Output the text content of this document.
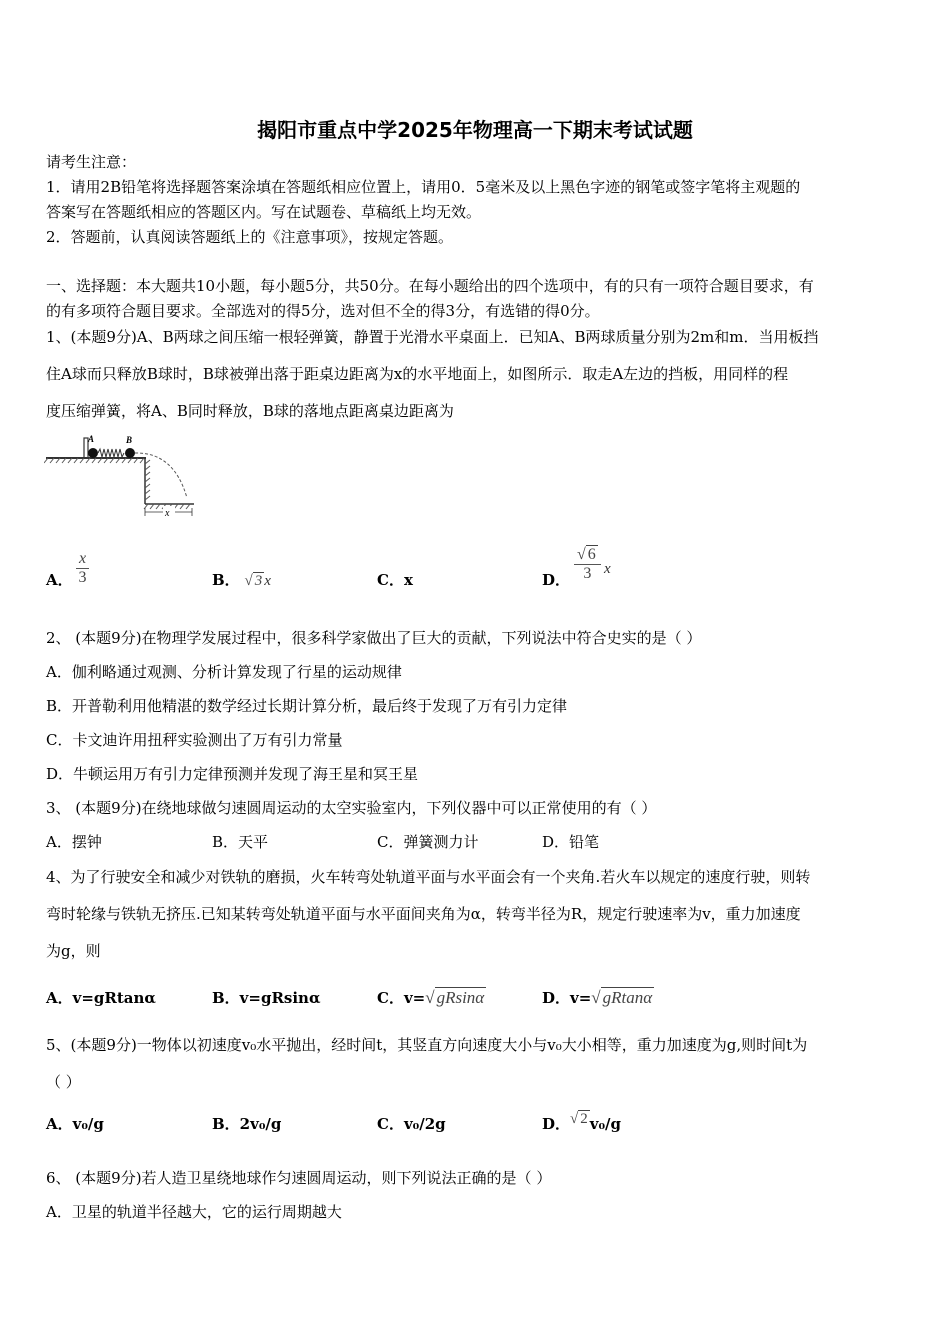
揭阳市重点中学2025年物理高一下期末考试试题
请考生注意：
1．请用2B铅笔将选择题答案涂填在答题纸相应位置上，请用0．5毫米及以上黑色字迹的钢笔或签字笔将主观题的
答案写在答题纸相应的答题区内。写在试题卷、草稿纸上均无效。
2．答题前，认真阅读答题纸上的《注意事项》，按规定答题。
一、选择题：本大题共10小题，每小题5分，共50分。在每小题给出的四个选项中，有的只有一项符合题目要求，有
的有多项符合题目要求。全部选对的得5分，选对但不全的得3分，有选错的得0分。
1、(本题9分)A、B两球之间压缩一根轻弹簧，静置于光滑水平桌面上．已知A、B两球质量分别为2m和m．当用板挡
住A球而只释放B球时，B球被弹出落于距桌边距离为x的水平地面上，如图所示．取走A左边的挡板，用同样的程
度压缩弹簧，将A、B同时释放，B球的落地点距离桌边距离为
A	B
x
A． $\frac{x}{3}$	B． √ 3 x	C．x	D． $\frac{√ 6}{3}$ x
2、 (本题9分)在物理学发展过程中，很多科学家做出了巨大的贡献，下列说法中符合史实的是（ ）
A．伽利略通过观测、分析计算发现了行星的运动规律
B．开普勒利用他精湛的数学经过长期计算分析，最后终于发现了万有引力定律
C．卡文迪许用扭秤实验测出了万有引力常量
D．牛顿运用万有引力定律预测并发现了海王星和冥王星
3、 (本题9分)在绕地球做匀速圆周运动的太空实验室内，下列仪器中可以正常使用的有（ ）
A．摆钟	B．天平	C．弹簧测力计	D．铅笔
4、为了行驶安全和减少对铁轨的磨损，火车转弯处轨道平面与水平面会有一个夹角.若火车以规定的速度行驶，则转
弯时轮缘与铁轨无挤压.已知某转弯处轨道平面与水平面间夹角为α，转弯半径为R，规定行驶速率为v，重力加速度
为g，则
A．v=gRtanα	B．v=gRsinα	C．v=√ gRsinα	D．v=√ gRtanα
5、(本题9分)一物体以初速度v₀水平抛出，经时间t，其竖直方向速度大小与v₀大小相等，重力加速度为g,则时间t为
（ ）
A．v₀/g	B．2v₀/g	C．v₀/2g	D．√ 2 v₀/g
6、 (本题9分)若人造卫星绕地球作匀速圆周运动，则下列说法正确的是（ ）
A．卫星的轨道半径越大，它的运行周期越大
